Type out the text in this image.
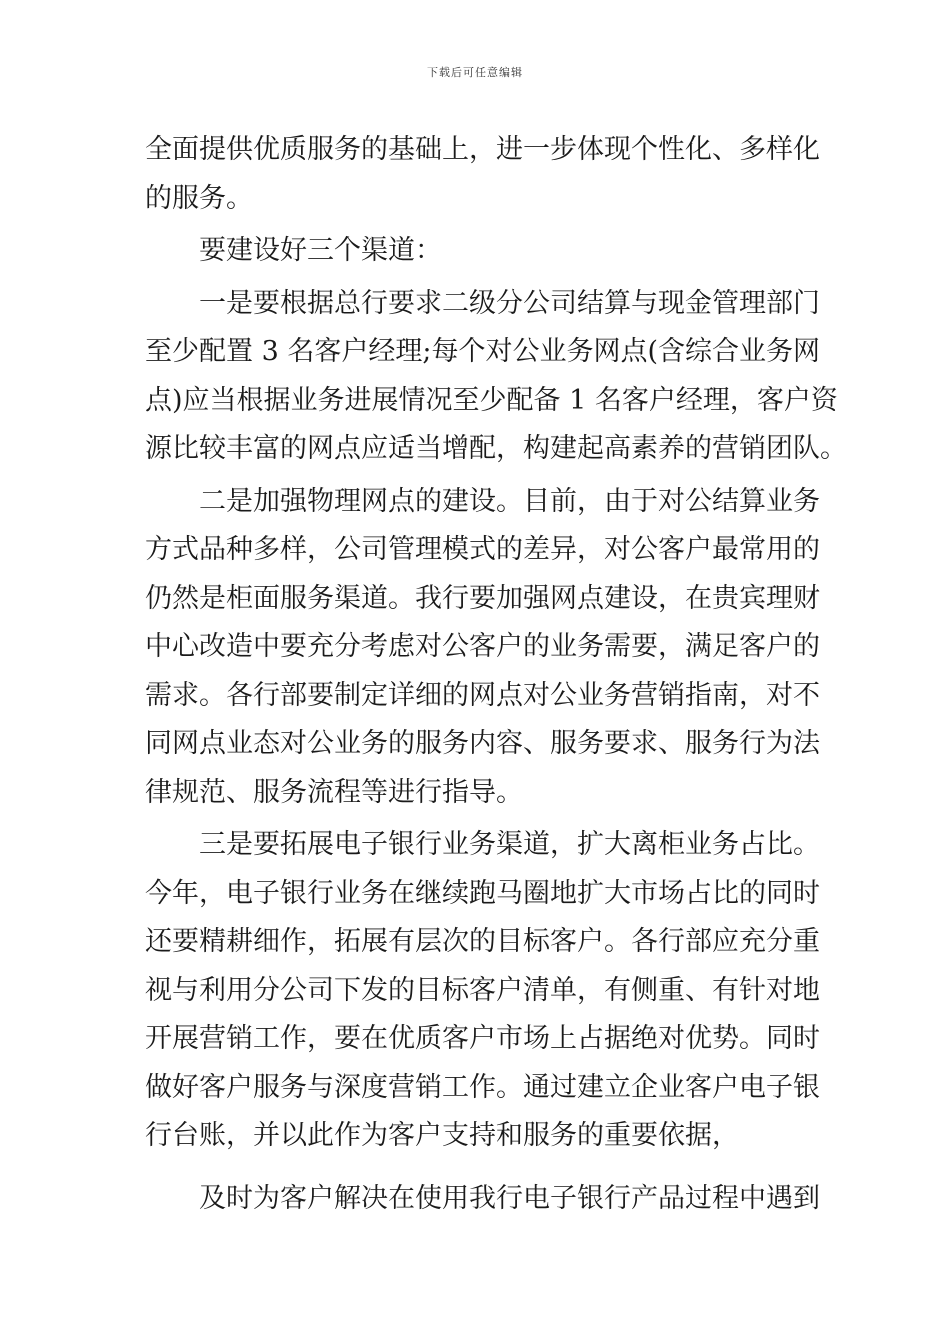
下载后可任意编辑
全面提供优质服务的基础上，进一步体现个性化、多样化
的服务。
要建设好三个渠道：
一是要根据总行要求二级分公司结算与现金管理部门
至少配置 3 名客户经理;每个对公业务网点(含综合业务网
点)应当根据业务进展情况至少配备 1 名客户经理，客户资
源比较丰富的网点应适当增配，构建起高素养的营销团队。
二是加强物理网点的建设。目前，由于对公结算业务
方式品种多样，公司管理模式的差异，对公客户最常用的
仍然是柜面服务渠道。我行要加强网点建设，在贵宾理财
中心改造中要充分考虑对公客户的业务需要，满足客户的
需求。各行部要制定详细的网点对公业务营销指南，对不
同网点业态对公业务的服务内容、服务要求、服务行为法
律规范、服务流程等进行指导。
三是要拓展电子银行业务渠道，扩大离柜业务占比。
今年，电子银行业务在继续跑马圈地扩大市场占比的同时
还要精耕细作，拓展有层次的目标客户。各行部应充分重
视与利用分公司下发的目标客户清单，有侧重、有针对地
开展营销工作，要在优质客户市场上占据绝对优势。同时
做好客户服务与深度营销工作。通过建立企业客户电子银
行台账，并以此作为客户支持和服务的重要依据，
及时为客户解决在使用我行电子银行产品过程中遇到
